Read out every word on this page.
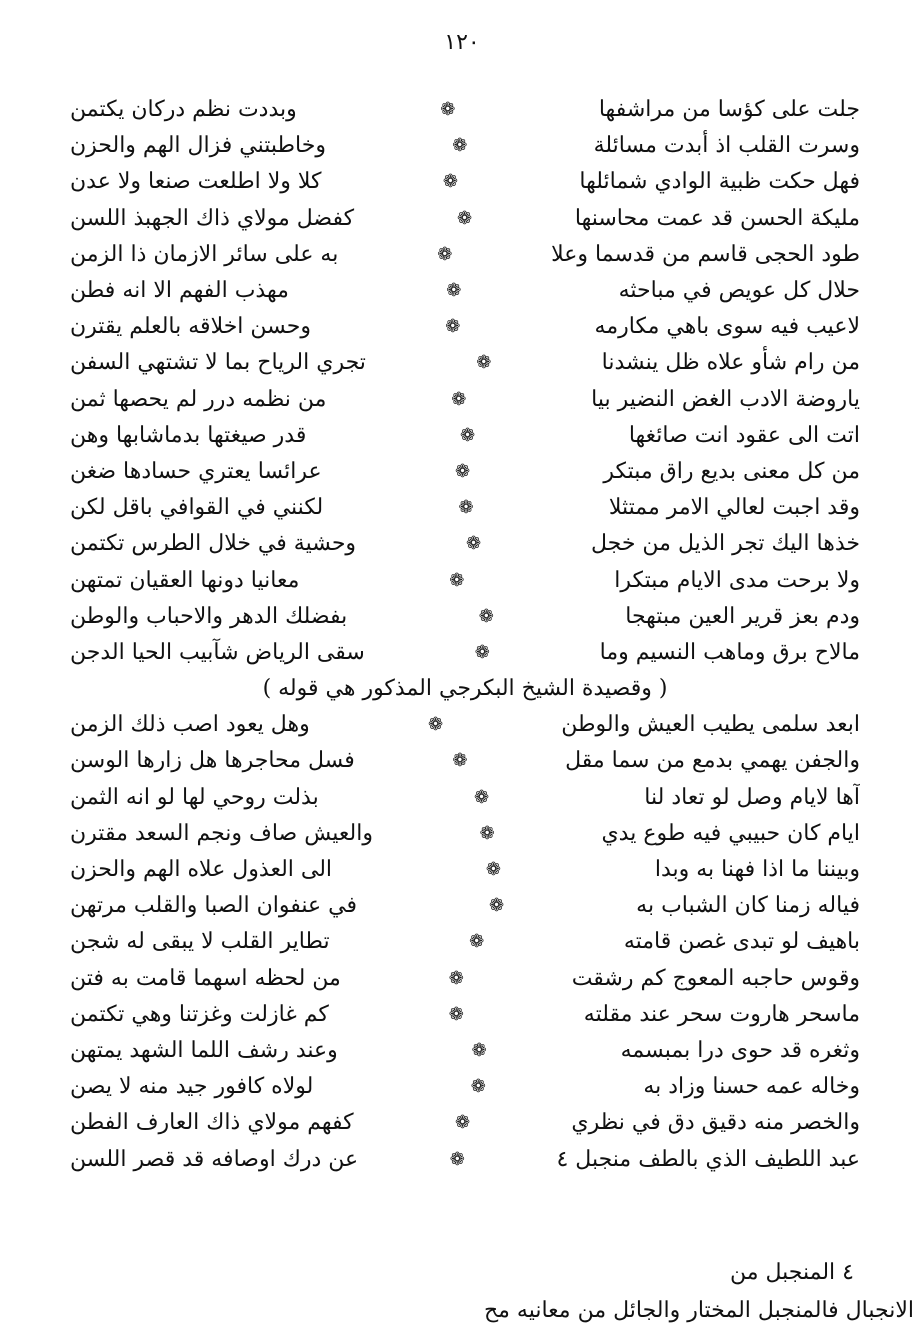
١٢٠
جلت على كؤسا من مراشفها
❁
وبددت نظم دركان يكتمن
وسرت القلب اذ أبدت مسائلة
❁
وخاطبتني فزال الهم والحزن
فهل حكت ظبية الوادي شمائلها
❁
كلا ولا اطلعت صنعا ولا عدن
مليكة الحسن قد عمت محاسنها
❁
كفضل مولاي ذاك الجهبذ اللسن
طود الحجى قاسم من قدسما وعلا
❁
به على سائر الازمان ذا الزمن
حلال كل عويص في مباحثه
❁
مهذب الفهم الا انه فطن
لاعيب فيه سوى باهي مكارمه
❁
وحسن اخلاقه بالعلم يقترن
من رام شأو علاه ظل ينشدنا
❁
تجري الرياح بما لا تشتهي السفن
ياروضة الادب الغض النضير بيا
❁
من نظمه درر لم يحصها ثمن
اتت الى عقود انت صائغها
❁
قدر صيغتها بدماشابها وهن
من كل معنى بديع راق مبتكر
❁
عرائسا يعتري حسادها ضغن
وقد اجبت لعالي الامر ممتثلا
❁
لكنني في القوافي باقل لكن
خذها اليك تجر الذيل من خجل
❁
وحشية في خلال الطرس تكتمن
ولا برحت مدى الايام مبتكرا
❁
معانيا دونها العقيان تمتهن
ودم بعز قرير العين مبتهجا
❁
بفضلك الدهر والاحباب والوطن
مالاح برق وماهب النسيم وما
❁
سقى الرياض شآبيب الحيا الدجن
( وقصيدة الشيخ البكرجي المذكور هي قوله )
ابعد سلمى يطيب العيش والوطن
❁
وهل يعود اصب ذلك الزمن
والجفن يهمي بدمع من سما مقل
❁
فسل محاجرها هل زارها الوسن
آها لايام وصل لو تعاد لنا
❁
بذلت روحي لها لو انه الثمن
ايام كان حبيبي فيه طوع يدي
❁
والعيش صاف ونجم السعد مقترن
وبيننا ما اذا فهنا به وبدا
❁
الى العذول علاه الهم والحزن
فياله زمنا كان الشباب به
❁
في عنفوان الصبا والقلب مرتهن
باهيف لو تبدى غصن قامته
❁
تطاير القلب لا يبقى له شجن
وقوس حاجبه المعوج كم رشقت
❁
من لحظه اسهما قامت به فتن
ماسحر هاروت سحر عند مقلته
❁
كم غازلت وغزتنا وهي تكتمن
وثغره قد حوى درا بمبسمه
❁
وعند رشف اللما الشهد يمتهن
وخاله عمه حسنا وزاد به
❁
لولاه كافور جيد منه لا يصن
والخصر منه دقيق دق في نظري
❁
كفهم مولاي ذاك العارف الفطن
عبد اللطيف الذي بالطف منجبل ٤
❁
عن درك اوصافه قد قصر اللسن
٤ المنجبل من
الانجبال فالمنجبل المختار والجائل من معانيه مح
